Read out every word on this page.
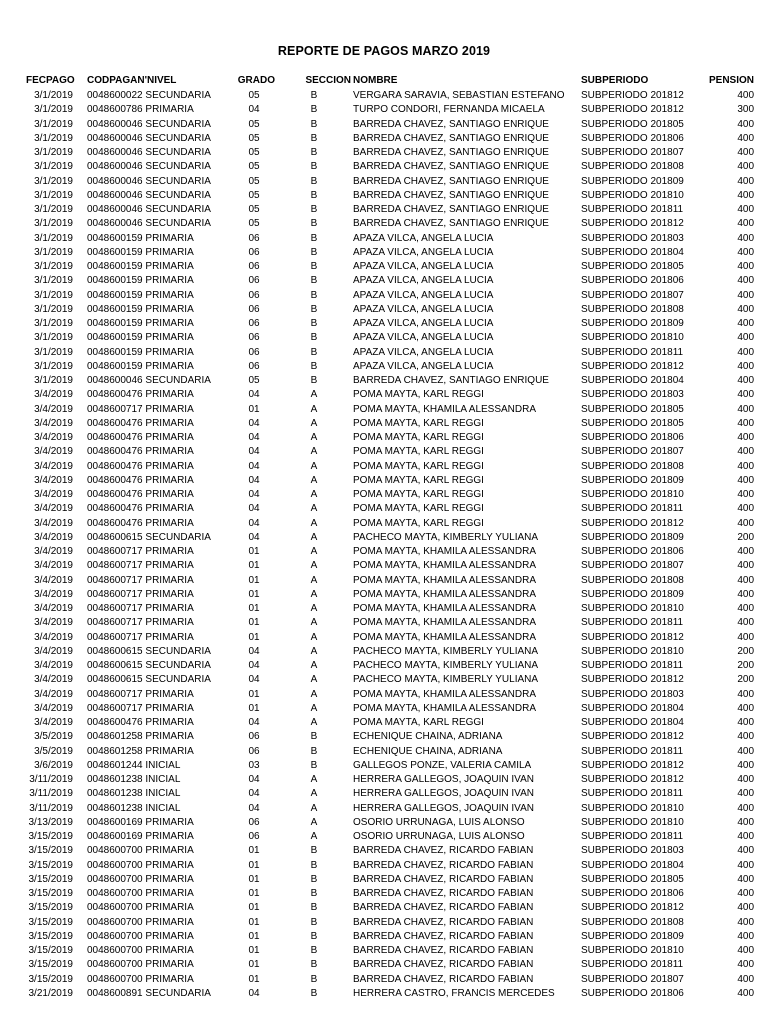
REPORTE DE PAGOS MARZO 2019
FECPAGO	CODPAGAN'NIVEL	GRADO	SECCION	NOMBRE	SUBPERIODO	PENSION
3/1/2019	0048600022 SECUNDARIA	05	B	VERGARA SARAVIA, SEBASTIAN ESTEFANO	SUBPERIODO 201812	400
3/1/2019	0048600786 PRIMARIA	04	B	TURPO CONDORI, FERNANDA MICAELA	SUBPERIODO 201812	300
3/1/2019	0048600046 SECUNDARIA	05	B	BARREDA CHAVEZ, SANTIAGO ENRIQUE	SUBPERIODO 201805	400
3/1/2019	0048600046 SECUNDARIA	05	B	BARREDA CHAVEZ, SANTIAGO ENRIQUE	SUBPERIODO 201806	400
3/1/2019	0048600046 SECUNDARIA	05	B	BARREDA CHAVEZ, SANTIAGO ENRIQUE	SUBPERIODO 201807	400
3/1/2019	0048600046 SECUNDARIA	05	B	BARREDA CHAVEZ, SANTIAGO ENRIQUE	SUBPERIODO 201808	400
3/1/2019	0048600046 SECUNDARIA	05	B	BARREDA CHAVEZ, SANTIAGO ENRIQUE	SUBPERIODO 201809	400
3/1/2019	0048600046 SECUNDARIA	05	B	BARREDA CHAVEZ, SANTIAGO ENRIQUE	SUBPERIODO 201810	400
3/1/2019	0048600046 SECUNDARIA	05	B	BARREDA CHAVEZ, SANTIAGO ENRIQUE	SUBPERIODO 201811	400
3/1/2019	0048600046 SECUNDARIA	05	B	BARREDA CHAVEZ, SANTIAGO ENRIQUE	SUBPERIODO 201812	400
3/1/2019	0048600159 PRIMARIA	06	B	APAZA VILCA, ANGELA LUCIA	SUBPERIODO 201803	400
3/1/2019	0048600159 PRIMARIA	06	B	APAZA VILCA, ANGELA LUCIA	SUBPERIODO 201804	400
3/1/2019	0048600159 PRIMARIA	06	B	APAZA VILCA, ANGELA LUCIA	SUBPERIODO 201805	400
3/1/2019	0048600159 PRIMARIA	06	B	APAZA VILCA, ANGELA LUCIA	SUBPERIODO 201806	400
3/1/2019	0048600159 PRIMARIA	06	B	APAZA VILCA, ANGELA LUCIA	SUBPERIODO 201807	400
3/1/2019	0048600159 PRIMARIA	06	B	APAZA VILCA, ANGELA LUCIA	SUBPERIODO 201808	400
3/1/2019	0048600159 PRIMARIA	06	B	APAZA VILCA, ANGELA LUCIA	SUBPERIODO 201809	400
3/1/2019	0048600159 PRIMARIA	06	B	APAZA VILCA, ANGELA LUCIA	SUBPERIODO 201810	400
3/1/2019	0048600159 PRIMARIA	06	B	APAZA VILCA, ANGELA LUCIA	SUBPERIODO 201811	400
3/1/2019	0048600159 PRIMARIA	06	B	APAZA VILCA, ANGELA LUCIA	SUBPERIODO 201812	400
3/1/2019	0048600046 SECUNDARIA	05	B	BARREDA CHAVEZ, SANTIAGO ENRIQUE	SUBPERIODO 201804	400
3/4/2019	0048600476 PRIMARIA	04	A	POMA MAYTA, KARL REGGI	SUBPERIODO 201803	400
3/4/2019	0048600717 PRIMARIA	01	A	POMA MAYTA, KHAMILA ALESSANDRA	SUBPERIODO 201805	400
3/4/2019	0048600476 PRIMARIA	04	A	POMA MAYTA, KARL REGGI	SUBPERIODO 201805	400
3/4/2019	0048600476 PRIMARIA	04	A	POMA MAYTA, KARL REGGI	SUBPERIODO 201806	400
3/4/2019	0048600476 PRIMARIA	04	A	POMA MAYTA, KARL REGGI	SUBPERIODO 201807	400
3/4/2019	0048600476 PRIMARIA	04	A	POMA MAYTA, KARL REGGI	SUBPERIODO 201808	400
3/4/2019	0048600476 PRIMARIA	04	A	POMA MAYTA, KARL REGGI	SUBPERIODO 201809	400
3/4/2019	0048600476 PRIMARIA	04	A	POMA MAYTA, KARL REGGI	SUBPERIODO 201810	400
3/4/2019	0048600476 PRIMARIA	04	A	POMA MAYTA, KARL REGGI	SUBPERIODO 201811	400
3/4/2019	0048600476 PRIMARIA	04	A	POMA MAYTA, KARL REGGI	SUBPERIODO 201812	400
3/4/2019	0048600615 SECUNDARIA	04	A	PACHECO MAYTA, KIMBERLY YULIANA	SUBPERIODO 201809	200
3/4/2019	0048600717 PRIMARIA	01	A	POMA MAYTA, KHAMILA ALESSANDRA	SUBPERIODO 201806	400
3/4/2019	0048600717 PRIMARIA	01	A	POMA MAYTA, KHAMILA ALESSANDRA	SUBPERIODO 201807	400
3/4/2019	0048600717 PRIMARIA	01	A	POMA MAYTA, KHAMILA ALESSANDRA	SUBPERIODO 201808	400
3/4/2019	0048600717 PRIMARIA	01	A	POMA MAYTA, KHAMILA ALESSANDRA	SUBPERIODO 201809	400
3/4/2019	0048600717 PRIMARIA	01	A	POMA MAYTA, KHAMILA ALESSANDRA	SUBPERIODO 201810	400
3/4/2019	0048600717 PRIMARIA	01	A	POMA MAYTA, KHAMILA ALESSANDRA	SUBPERIODO 201811	400
3/4/2019	0048600717 PRIMARIA	01	A	POMA MAYTA, KHAMILA ALESSANDRA	SUBPERIODO 201812	400
3/4/2019	0048600615 SECUNDARIA	04	A	PACHECO MAYTA, KIMBERLY YULIANA	SUBPERIODO 201810	200
3/4/2019	0048600615 SECUNDARIA	04	A	PACHECO MAYTA, KIMBERLY YULIANA	SUBPERIODO 201811	200
3/4/2019	0048600615 SECUNDARIA	04	A	PACHECO MAYTA, KIMBERLY YULIANA	SUBPERIODO 201812	200
3/4/2019	0048600717 PRIMARIA	01	A	POMA MAYTA, KHAMILA ALESSANDRA	SUBPERIODO 201803	400
3/4/2019	0048600717 PRIMARIA	01	A	POMA MAYTA, KHAMILA ALESSANDRA	SUBPERIODO 201804	400
3/4/2019	0048600476 PRIMARIA	04	A	POMA MAYTA, KARL REGGI	SUBPERIODO 201804	400
3/5/2019	0048601258 PRIMARIA	06	B	ECHENIQUE CHAINA, ADRIANA	SUBPERIODO 201812	400
3/5/2019	0048601258 PRIMARIA	06	B	ECHENIQUE CHAINA, ADRIANA	SUBPERIODO 201811	400
3/6/2019	0048601244 INICIAL	03	B	GALLEGOS PONZE, VALERIA CAMILA	SUBPERIODO 201812	400
3/11/2019	0048601238 INICIAL	04	A	HERRERA GALLEGOS, JOAQUIN IVAN	SUBPERIODO 201812	400
3/11/2019	0048601238 INICIAL	04	A	HERRERA GALLEGOS, JOAQUIN IVAN	SUBPERIODO 201811	400
3/11/2019	0048601238 INICIAL	04	A	HERRERA GALLEGOS, JOAQUIN IVAN	SUBPERIODO 201810	400
3/13/2019	0048600169 PRIMARIA	06	A	OSORIO URRUNAGA, LUIS ALONSO	SUBPERIODO 201810	400
3/15/2019	0048600169 PRIMARIA	06	A	OSORIO URRUNAGA, LUIS ALONSO	SUBPERIODO 201811	400
3/15/2019	0048600700 PRIMARIA	01	B	BARREDA CHAVEZ, RICARDO FABIAN	SUBPERIODO 201803	400
3/15/2019	0048600700 PRIMARIA	01	B	BARREDA CHAVEZ, RICARDO FABIAN	SUBPERIODO 201804	400
3/15/2019	0048600700 PRIMARIA	01	B	BARREDA CHAVEZ, RICARDO FABIAN	SUBPERIODO 201805	400
3/15/2019	0048600700 PRIMARIA	01	B	BARREDA CHAVEZ, RICARDO FABIAN	SUBPERIODO 201806	400
3/15/2019	0048600700 PRIMARIA	01	B	BARREDA CHAVEZ, RICARDO FABIAN	SUBPERIODO 201812	400
3/15/2019	0048600700 PRIMARIA	01	B	BARREDA CHAVEZ, RICARDO FABIAN	SUBPERIODO 201808	400
3/15/2019	0048600700 PRIMARIA	01	B	BARREDA CHAVEZ, RICARDO FABIAN	SUBPERIODO 201809	400
3/15/2019	0048600700 PRIMARIA	01	B	BARREDA CHAVEZ, RICARDO FABIAN	SUBPERIODO 201810	400
3/15/2019	0048600700 PRIMARIA	01	B	BARREDA CHAVEZ, RICARDO FABIAN	SUBPERIODO 201811	400
3/15/2019	0048600700 PRIMARIA	01	B	BARREDA CHAVEZ, RICARDO FABIAN	SUBPERIODO 201807	400
3/21/2019	0048600891 SECUNDARIA	04	B	HERRERA CASTRO, FRANCIS MERCEDES	SUBPERIODO 201806	400
